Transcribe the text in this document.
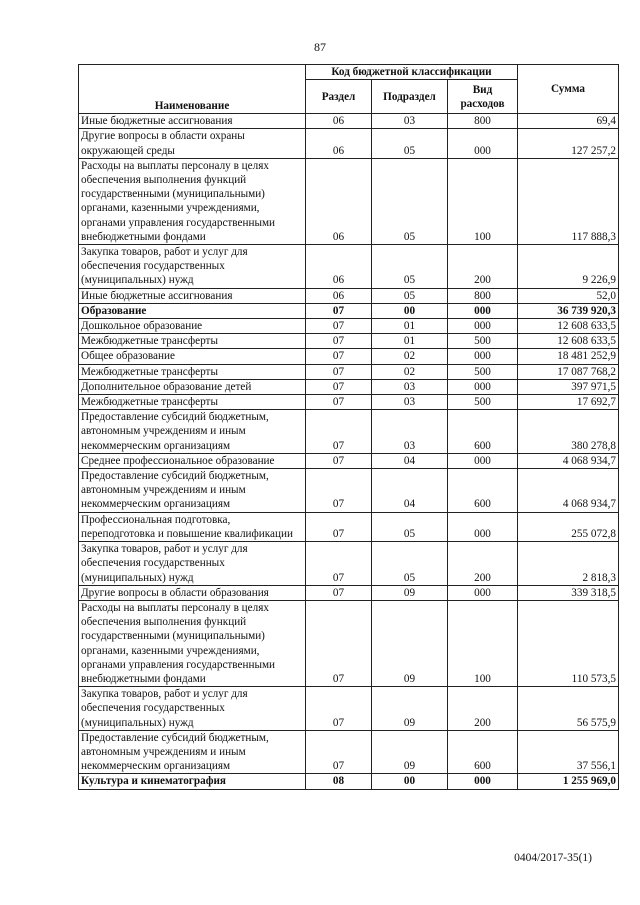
87
Наименование	Код бюджетной классификации			Сумма
	Раздел	Подраздел	Вид расходов	
Иные бюджетные ассигнования	06	03	800	69,4
Другие вопросы в области охраны окружающей среды	06	05	000	127 257,2
Расходы на выплаты персоналу в целях обеспечения выполнения функций государственными (муниципальными) органами, казенными учреждениями, органами управления государственными внебюджетными фондами	06	05	100	117 888,3
Закупка товаров, работ и услуг для обеспечения государственных (муниципальных) нужд	06	05	200	9 226,9
Иные бюджетные ассигнования	06	05	800	52,0
Образование	07	00	000	36 739 920,3
Дошкольное образование	07	01	000	12 608 633,5
Межбюджетные трансферты	07	01	500	12 608 633,5
Общее образование	07	02	000	18 481 252,9
Межбюджетные трансферты	07	02	500	17 087 768,2
Дополнительное образование детей	07	03	000	397 971,5
Межбюджетные трансферты	07	03	500	17 692,7
Предоставление субсидий бюджетным, автономным учреждениям и иным некоммерческим организациям	07	03	600	380 278,8
Среднее профессиональное образование	07	04	000	4 068 934,7
Предоставление субсидий бюджетным, автономным учреждениям и иным некоммерческим организациям	07	04	600	4 068 934,7
Профессиональная подготовка, переподготовка и повышение квалификации	07	05	000	255 072,8
Закупка товаров, работ и услуг для обеспечения государственных (муниципальных) нужд	07	05	200	2 818,3
Другие вопросы в области образования	07	09	000	339 318,5
Расходы на выплаты персоналу в целях обеспечения выполнения функций государственными (муниципальными) органами, казенными учреждениями, органами управления государственными внебюджетными фондами	07	09	100	110 573,5
Закупка товаров, работ и услуг для обеспечения государственных (муниципальных) нужд	07	09	200	56 575,9
Предоставление субсидий бюджетным, автономным учреждениям и иным некоммерческим организациям	07	09	600	37 556,1
Культура и кинематография	08	00	000	1 255 969,0
0404/2017-35(1)
